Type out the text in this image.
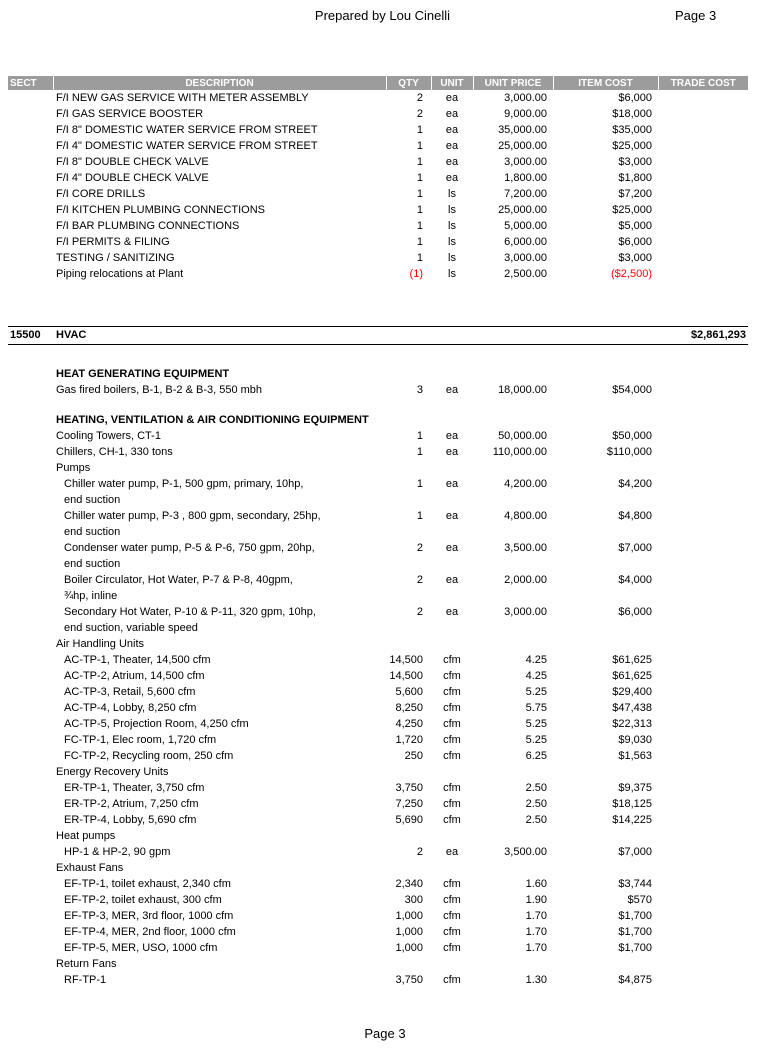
Prepared by Lou Cinelli	Page 3
SECT	DESCRIPTION	QTY	UNIT	UNIT PRICE	ITEM COST	TRADE COST

	F/I NEW GAS SERVICE WITH METER ASSEMBLY	2	ea	3,000.00	$6,000	

	F/I GAS SERVICE BOOSTER	2	ea	9,000.00	$18,000	

	F/I 8" DOMESTIC WATER SERVICE FROM STREET	1	ea	35,000.00	$35,000	

	F/I 4" DOMESTIC WATER SERVICE FROM STREET	1	ea	25,000.00	$25,000	

	F/I 8" DOUBLE CHECK VALVE	1	ea	3,000.00	$3,000	

	F/I 4" DOUBLE CHECK VALVE	1	ea	1,800.00	$1,800	

	F/I CORE DRILLS	1	ls	7,200.00	$7,200	

	F/I KITCHEN PLUMBING CONNECTIONS	1	ls	25,000.00	$25,000	

	F/I BAR PLUMBING CONNECTIONS	1	ls	5,000.00	$5,000	

	F/I PERMITS & FILING	1	ls	6,000.00	$6,000	

	TESTING / SANITIZING	1	ls	3,000.00	$3,000	

	Piping relocations at Plant	(1)	ls	2,500.00	($2,500)	

15500	HVAC					$2,861,293

	HEAT GENERATING EQUIPMENT					

	Gas fired boilers, B-1, B-2 & B-3, 550 mbh	3	ea	18,000.00	$54,000	

	HEATING, VENTILATION & AIR CONDITIONING EQUIPMENT					

	Cooling Towers, CT-1	1	ea	50,000.00	$50,000	

	Chillers, CH-1, 330 tons	1	ea	110,000.00	$110,000	

	Pumps					

	Chiller water pump, P-1, 500 gpm, primary, 10hp,
end suction	1	ea	4,200.00	$4,200	

	Chiller water pump, P-3 , 800 gpm, secondary, 25hp,
end suction	1	ea	4,800.00	$4,800	

	Condenser water pump, P-5 & P-6, 750 gpm, 20hp,
end suction	2	ea	3,500.00	$7,000	

	Boiler Circulator, Hot Water, P-7 & P-8, 40gpm,
¾hp, inline	2	ea	2,000.00	$4,000	

	Secondary Hot Water, P-10 & P-11, 320 gpm, 10hp,
end suction, variable speed	2	ea	3,000.00	$6,000	

	Air Handling Units					

	AC-TP-1, Theater, 14,500 cfm	14,500	cfm	4.25	$61,625	

	AC-TP-2, Atrium, 14,500 cfm	14,500	cfm	4.25	$61,625	

	AC-TP-3, Retail, 5,600 cfm	5,600	cfm	5.25	$29,400	

	AC-TP-4, Lobby, 8,250 cfm	8,250	cfm	5.75	$47,438	

	AC-TP-5, Projection Room, 4,250 cfm	4,250	cfm	5.25	$22,313	

	FC-TP-1, Elec room, 1,720 cfm	1,720	cfm	5.25	$9,030	

	FC-TP-2, Recycling room, 250 cfm	250	cfm	6.25	$1,563	

	Energy Recovery Units					

	ER-TP-1, Theater, 3,750 cfm	3,750	cfm	2.50	$9,375	

	ER-TP-2, Atrium, 7,250 cfm	7,250	cfm	2.50	$18,125	

	ER-TP-4, Lobby, 5,690 cfm	5,690	cfm	2.50	$14,225	

	Heat pumps					

	HP-1 & HP-2, 90 gpm	2	ea	3,500.00	$7,000	

	Exhaust Fans					

	EF-TP-1, toilet exhaust, 2,340 cfm	2,340	cfm	1.60	$3,744	

	EF-TP-2, toilet exhaust, 300 cfm	300	cfm	1.90	$570	

	EF-TP-3, MER, 3rd floor, 1000 cfm	1,000	cfm	1.70	$1,700	

	EF-TP-4, MER, 2nd floor, 1000 cfm	1,000	cfm	1.70	$1,700	

	EF-TP-5, MER, USO, 1000 cfm	1,000	cfm	1.70	$1,700	

	Return Fans					

	RF-TP-1	3,750	cfm	1.30	$4,875	
Page 3
